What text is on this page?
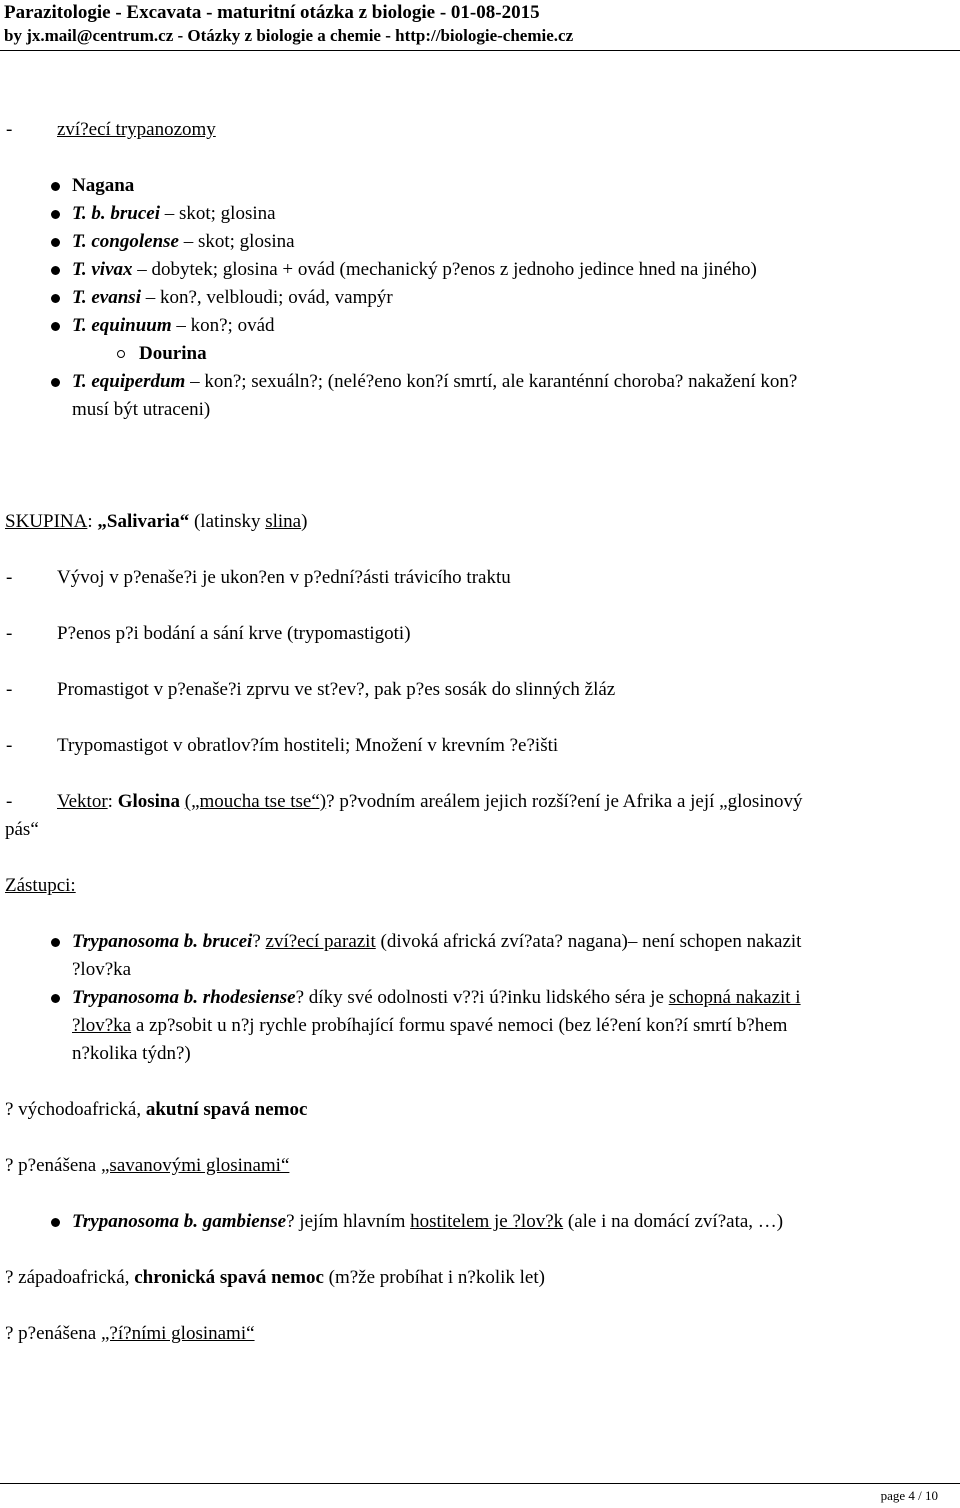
Parazitologie - Excavata - maturitní otázka z biologie - 01-08-2015
by jx.mail@centrum.cz - Otázky z biologie a chemie - http://biologie-chemie.cz
- zví?ecí trypanozomy
Nagana
T. b. brucei – skot; glosina
T. congolense – skot; glosina
T. vivax – dobytek; glosina + ovád (mechanický p?enos z jednoho jedince hned na jiného)
T. evansi – kon?, velbloudi; ovád, vampýr
T. equinuum – kon?; ovád
Dourina
T. equiperdum – kon?; sexuáln?; (nelé?eno kon?í smrtí, ale karanténní choroba? nakažení kon?
musí být utraceni)
SKUPINA: „Salivaria“ (latinsky slina)
- Vývoj v p?enaše?i je ukon?en v p?ední?ásti trávicího traktu
- P?enos p?i bodání a sání krve (trypomastigoti)
- Promastigot v p?enaše?i zprvu ve st?ev?, pak p?es sosák do slinných žláz
- Trypomastigot v obratlov?ím hostiteli; Množení v krevním ?e?išti
- Vektor: Glosina („moucha tse tse“)? p?vodním areálem jejich rozší?ení je Afrika a její „glosinový
pás“
Zástupci:
Trypanosoma b. brucei? zví?ecí parazit (divoká africká zví?ata? nagana)– není schopen nakazit
?lov?ka
Trypanosoma b. rhodesiense? díky své odolnosti v??i ú?inku lidského séra je schopná nakazit i
?lov?ka a zp?sobit u n?j rychle probíhající formu spavé nemoci (bez lé?ení kon?í smrtí b?hem
n?kolika týdn?)
? východoafrická, akutní spavá nemoc
? p?enášena „savanovými glosinami“
Trypanosoma b. gambiense? jejím hlavním hostitelem je ?lov?k (ale i na domácí zví?ata, …)
? západoafrická, chronická spavá nemoc (m?že probíhat i n?kolik let)
? p?enášena „?í?ními glosinami“
page 4 / 10
